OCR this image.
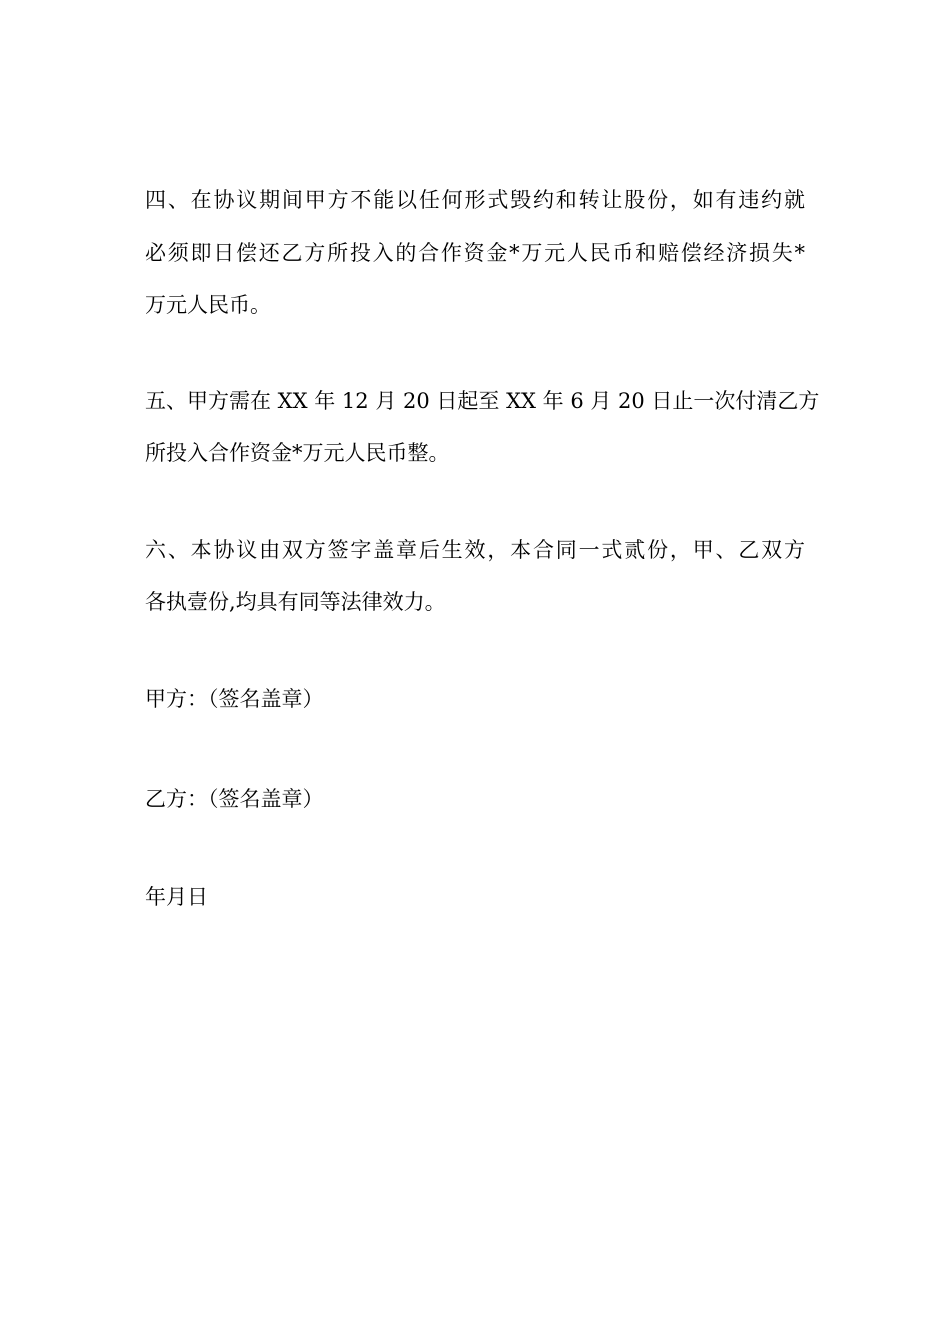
四、在协议期间甲方不能以任何形式毁约和转让股份，如有违约就
必须即日偿还乙方所投入的合作资金*万元人民币和赔偿经济损失*
万元人民币。
五、甲方需在 XX 年 12 月 20 日起至 XX 年 6 月 20 日止一次付清乙方
所投入合作资金*万元人民币整。
六、本协议由双方签字盖章后生效，本合同一式贰份，甲、乙双方
各执壹份,均具有同等法律效力。
甲方：（签名盖章）
乙方：（签名盖章）
年月日
